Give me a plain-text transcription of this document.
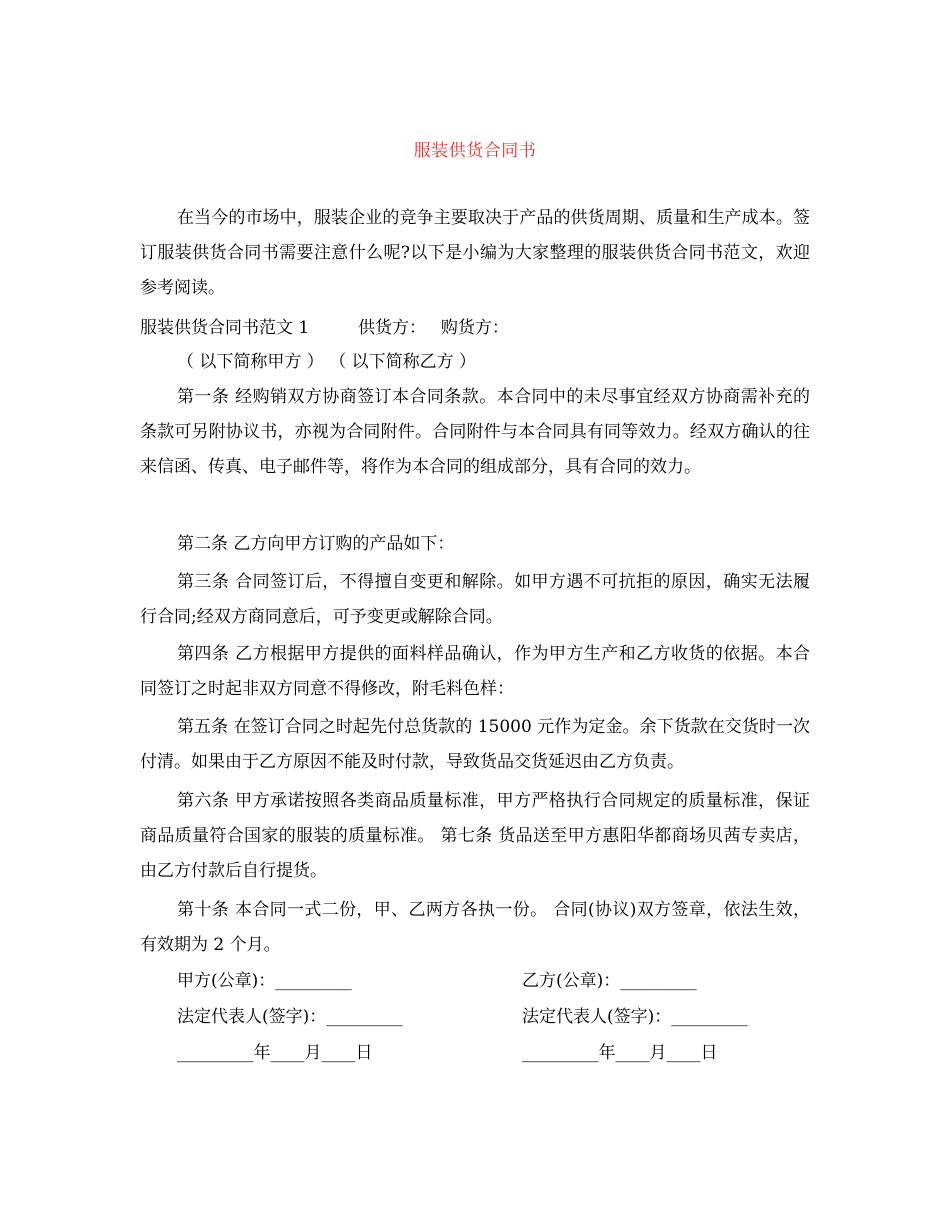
服装供货合同书

在当今的市场中，服装企业的竞争主要取决于产品的供货周期、质量和生产成本。签订服装供货合同书需要注意什么呢?以下是小编为大家整理的服装供货合同书范文，欢迎参考阅读。

服装供货合同书范文 1	供货方： 购货方：
（ 以下简称甲方 ） （ 以下简称乙方 ）

第一条 经购销双方协商签订本合同条款。本合同中的未尽事宜经双方协商需补充的条款可另附协议书，亦视为合同附件。合同附件与本合同具有同等效力。经双方确认的往来信函、传真、电子邮件等，将作为本合同的组成部分，具有合同的效力。

第二条 乙方向甲方订购的产品如下：

第三条 合同签订后，不得擅自变更和解除。如甲方遇不可抗拒的原因，确实无法履行合同;经双方商同意后，可予变更或解除合同。

第四条 乙方根据甲方提供的面料样品确认，作为甲方生产和乙方收货的依据。本合同签订之时起非双方同意不得修改，附毛料色样：

第五条 在签订合同之时起先付总货款的 15000 元作为定金。余下货款在交货时一次付清。如果由于乙方原因不能及时付款，导致货品交货延迟由乙方负责。

第六条 甲方承诺按照各类商品质量标准，甲方严格执行合同规定的质量标准，保证商品质量符合国家的服装的质量标准。 第七条 货品送至甲方惠阳华都商场贝茜专卖店，由乙方付款后自行提货。

第十条 本合同一式二份，甲、乙两方各执一份。 合同(协议)双方签章，依法生效，有效期为 2 个月。

甲方(公章)：_________	乙方(公章)：_________
法定代表人(签字)：_________	法定代表人(签字)：_________
_________年____月____日	_________年____月____日
